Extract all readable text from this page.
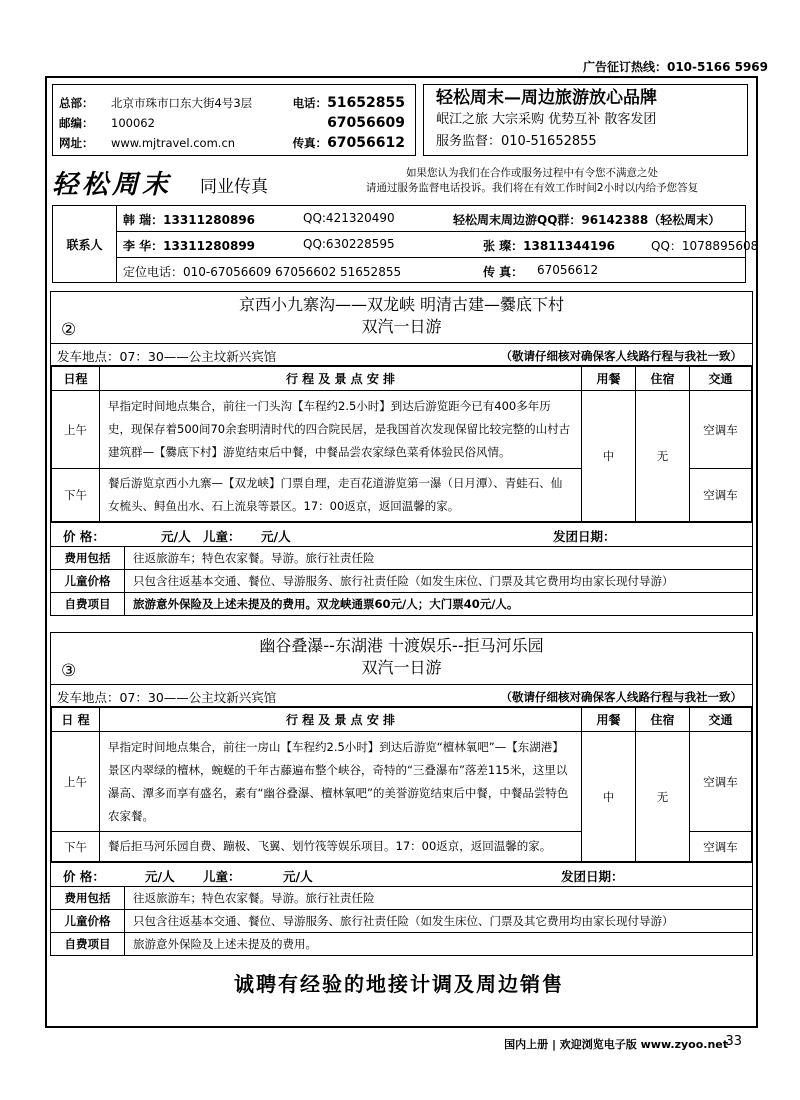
广告征订热线：010-5166 5969
总部：	北京市珠市口东大街4号3层	电话：51652855
邮编：	100062	67056609
网址：	www.mjtravel.com.cn	传真：67056612
轻松周末—周边旅游放心品牌
岷江之旅 大宗采购 优势互补 散客发团
服务监督：010-51652855
轻松周末 同业传真
如果您认为我们在合作或服务过程中有令您不满意之处
请通过服务监督电话投诉。我们将在有效工作时间2小时以内给予您答复
联系人
韩 瑞：13311280896	QQ:421320490	轻松周末周边游QQ群：96142388（轻松周末）
李 华：13311280899	QQ:630228595	张 璨：13811344196	QQ：1078895608
定位电话：010-67056609 67056602 51652855	传 真： 67056612
京西小九寨沟——双龙峡 明清古建—爨底下村
②	双汽一日游
发车地点：07：30——公主坟新兴宾馆	（敬请仔细核对确保客人线路行程与我社一致）
日程	行 程 及 景 点 安 排	用餐	住宿	交通
上午	早指定时间地点集合，前往一门头沟【车程约2.5小时】到达后游览距今已有400多年历史，现保存着500间70余套明清时代的四合院民居，是我国首次发现保留比较完整的山村古建筑群—【爨底下村】游览结束后中餐，中餐品尝农家绿色菜肴体验民俗风情。	中	无	空调车
下午	餐后游览京西小九寨—【双龙峡】门票自理，走百花道游览第一瀑（日月潭）、青蛙石、仙女梳头、鲟鱼出水、石上流泉等景区。17：00返京，返回温馨的家。			空调车
价 格：	元/人 儿童： 元/人	发团日期：
费用包括	往返旅游车；特色农家餐。导游。旅行社责任险
儿童价格	只包含往返基本交通、餐位、导游服务、旅行社责任险（如发生床位、门票及其它费用均由家长现付导游）
自费项目	旅游意外保险及上述未提及的费用。双龙峡通票60元/人；大门票40元/人。
幽谷叠瀑--东湖港 十渡娱乐--拒马河乐园
③	双汽一日游
发车地点：07：30——公主坟新兴宾馆	（敬请仔细核对确保客人线路行程与我社一致）
日 程	行 程 及 景 点 安 排	用餐	住宿	交通
上午	早指定时间地点集合，前往一房山【车程约2.5小时】到达后游览“檀林氧吧”—【东湖港】景区内翠绿的檀林，蜿蜒的千年古藤遍布整个峡谷，奇特的“三叠瀑布”落差115米，这里以瀑高、潭多而享有盛名，素有“幽谷叠瀑、檀林氧吧”的美誉游览结束后中餐，中餐品尝特色农家餐。	中	无	空调车
下午	餐后拒马河乐园自费、蹦极、飞翼、划竹筏等娱乐项目。17：00返京，返回温馨的家。			空调车
价 格：	元/人 儿童：	元/人	发团日期：
费用包括	往返旅游车；特色农家餐。导游。旅行社责任险
儿童价格	只包含往返基本交通、餐位、导游服务、旅行社责任险（如发生床位、门票及其它费用均由家长现付导游）
自费项目	旅游意外保险及上述未提及的费用。
诚聘有经验的地接计调及周边销售
国内上册 | 欢迎浏览电子版 www.zyoo.net
33
